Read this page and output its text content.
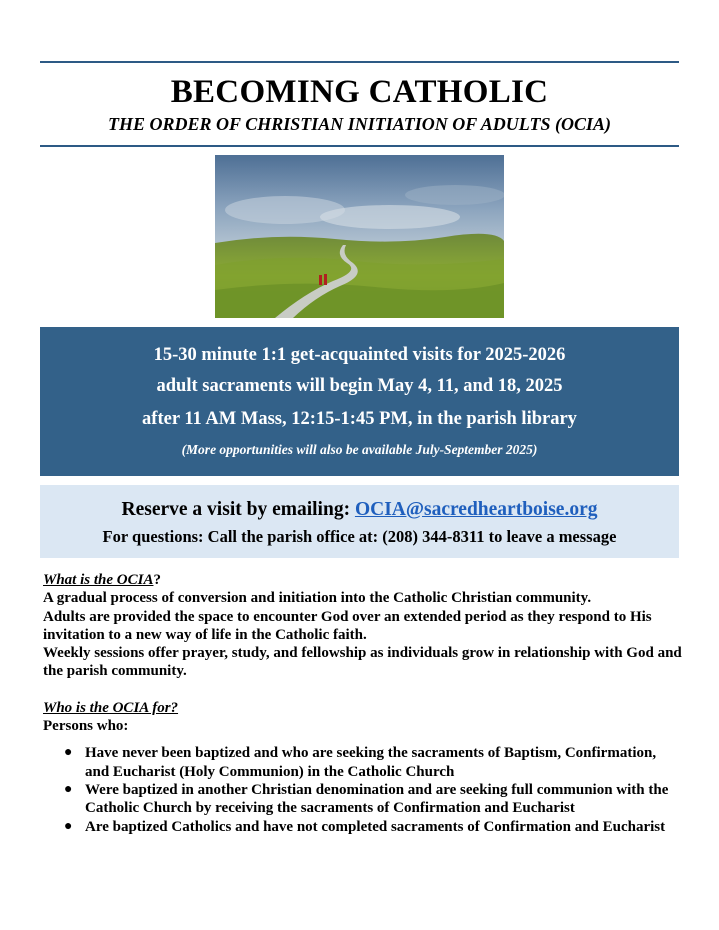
BECOMING CATHOLIC
THE ORDER OF CHRISTIAN INITIATION OF ADULTS (OCIA)
15-30 minute 1:1 get-acquainted visits for 2025-2026
adult sacraments will begin May 4, 11, and 18, 2025
after 11 AM Mass, 12:15-1:45 PM, in the parish library
(More opportunities will also be available July-September 2025)
Reserve a visit by emailing: OCIA@sacredheartboise.org
For questions: Call the parish office at: (208) 344-8311 to leave a message

What is the OCIA?

A gradual process of conversion and initiation into the Catholic Christian community.

Adults are provided the space to encounter God over an extended period as they respond to His invitation to a new way of life in the Catholic faith.

Weekly sessions offer prayer, study, and fellowship as individuals grow in relationship with God and the parish community.

Who is the OCIA for?

Persons who:

● Have never been baptized and who are seeking the sacraments of Baptism, Confirmation, and Eucharist (Holy Communion) in the Catholic Church
● Were baptized in another Christian denomination and are seeking full communion with the Catholic Church by receiving the sacraments of Confirmation and Eucharist
● Are baptized Catholics and have not completed sacraments of Confirmation and Eucharist
